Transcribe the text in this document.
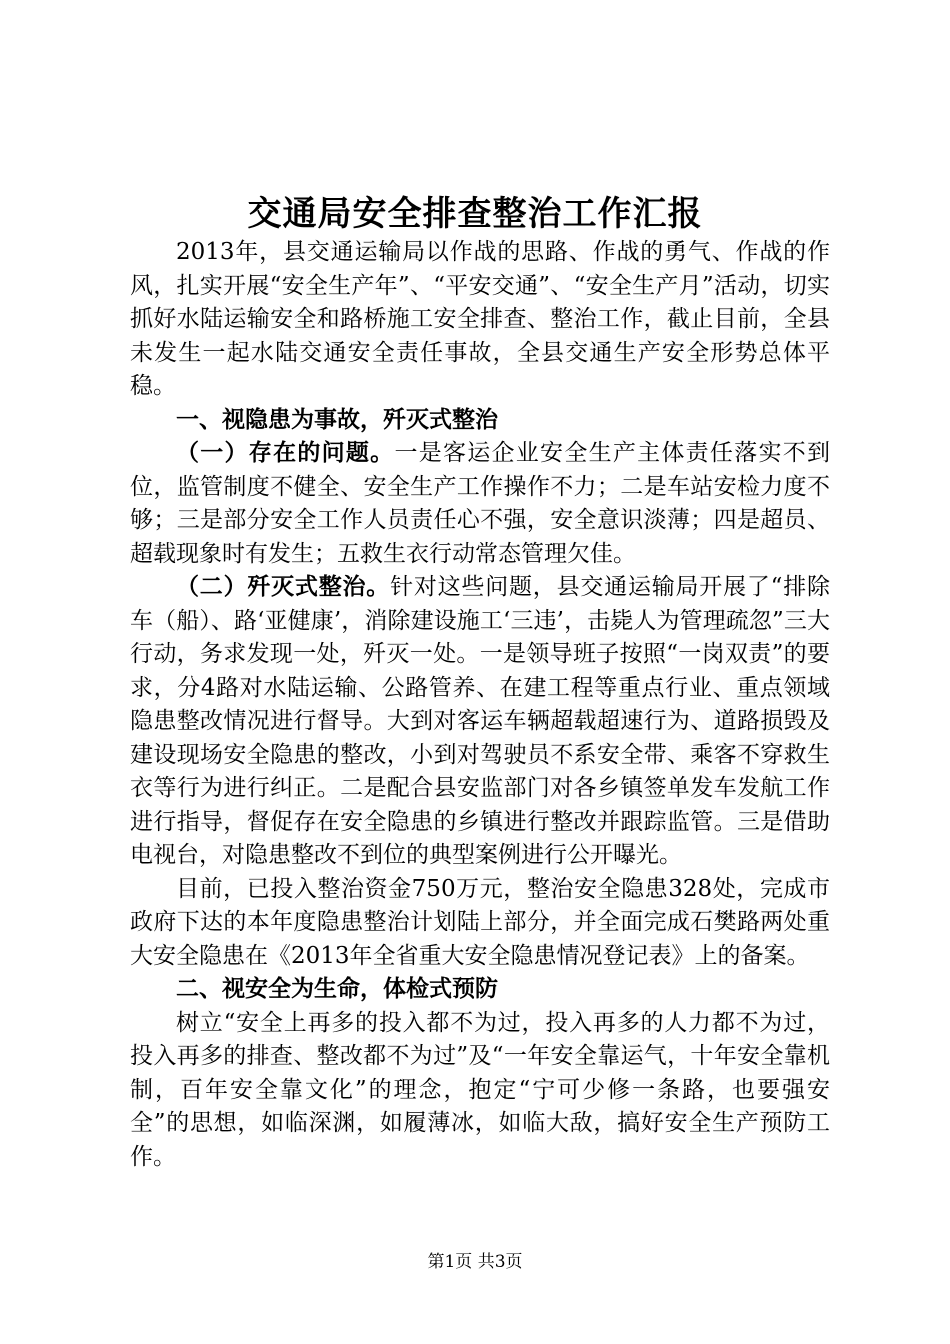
交通局安全排查整治工作汇报

2013年，县交通运输局以作战的思路、作战的勇气、作战的作风，扎实开展“安全生产年”、“平安交通”、“安全生产月”活动，切实抓好水陆运输安全和路桥施工安全排查、整治工作，截止目前，全县未发生一起水陆交通安全责任事故，全县交通生产安全形势总体平稳。

一、视隐患为事故，歼灭式整治

（一）存在的问题。一是客运企业安全生产主体责任落实不到位，监管制度不健全、安全生产工作操作不力；二是车站安检力度不够；三是部分安全工作人员责任心不强，安全意识淡薄；四是超员、超载现象时有发生；五救生衣行动常态管理欠佳。

（二）歼灭式整治。针对这些问题，县交通运输局开展了“排除车（船）、路‘亚健康’，消除建设施工‘三违’，击毙人为管理疏忽”三大行动，务求发现一处，歼灭一处。一是领导班子按照“一岗双责”的要求，分4路对水陆运输、公路管养、在建工程等重点行业、重点领域隐患整改情况进行督导。大到对客运车辆超载超速行为、道路损毁及建设现场安全隐患的整改，小到对驾驶员不系安全带、乘客不穿救生衣等行为进行纠正。二是配合县安监部门对各乡镇签单发车发航工作进行指导，督促存在安全隐患的乡镇进行整改并跟踪监管。三是借助电视台，对隐患整改不到位的典型案例进行公开曝光。

目前，已投入整治资金750万元，整治安全隐患328处，完成市政府下达的本年度隐患整治计划陆上部分，并全面完成石樊路两处重大安全隐患在《2013年全省重大安全隐患情况登记表》上的备案。

二、视安全为生命，体检式预防

树立“安全上再多的投入都不为过，投入再多的人力都不为过，投入再多的排查、整改都不为过”及“一年安全靠运气，十年安全靠机制，百年安全靠文化”的理念，抱定“宁可少修一条路，也要强安全”的思想，如临深渊，如履薄冰，如临大敌，搞好安全生产预防工作。

第1页 共3页
